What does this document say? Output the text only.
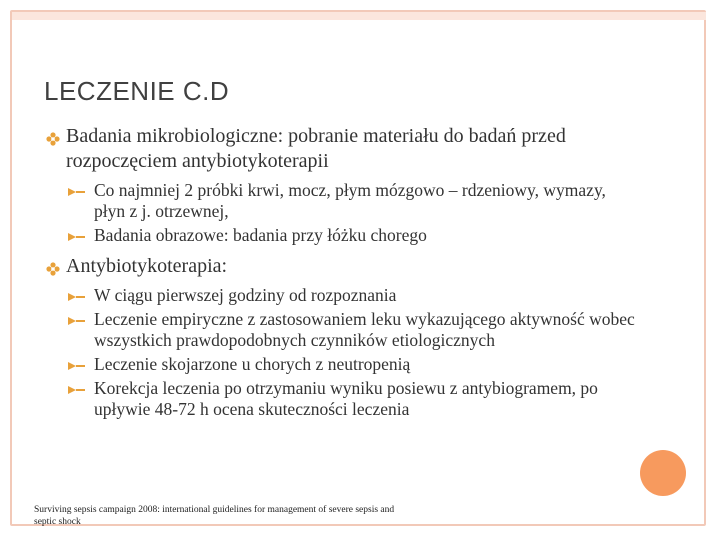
LECZENIE C.D
Badania mikrobiologiczne: pobranie materiału do badań przed rozpoczęciem antybiotykoterapii
Co najmniej 2 próbki krwi, mocz, płym mózgowo – rdzeniowy, wymazy, płyn z j. otrzewnej,
Badania obrazowe: badania przy łóżku chorego
Antybiotykoterapia:
W ciągu pierwszej godziny od rozpoznania
Leczenie empiryczne z zastosowaniem leku wykazującego aktywność wobec wszystkich prawdopodobnych czynników etiologicznych
Leczenie skojarzone u chorych z neutropenią
Korekcja leczenia po otrzymaniu wyniku posiewu z antybiogramem, po upływie 48-72 h ocena skuteczności leczenia
Surviving sepsis campaign 2008: international guidelines for management of severe sepsis and septic shock
